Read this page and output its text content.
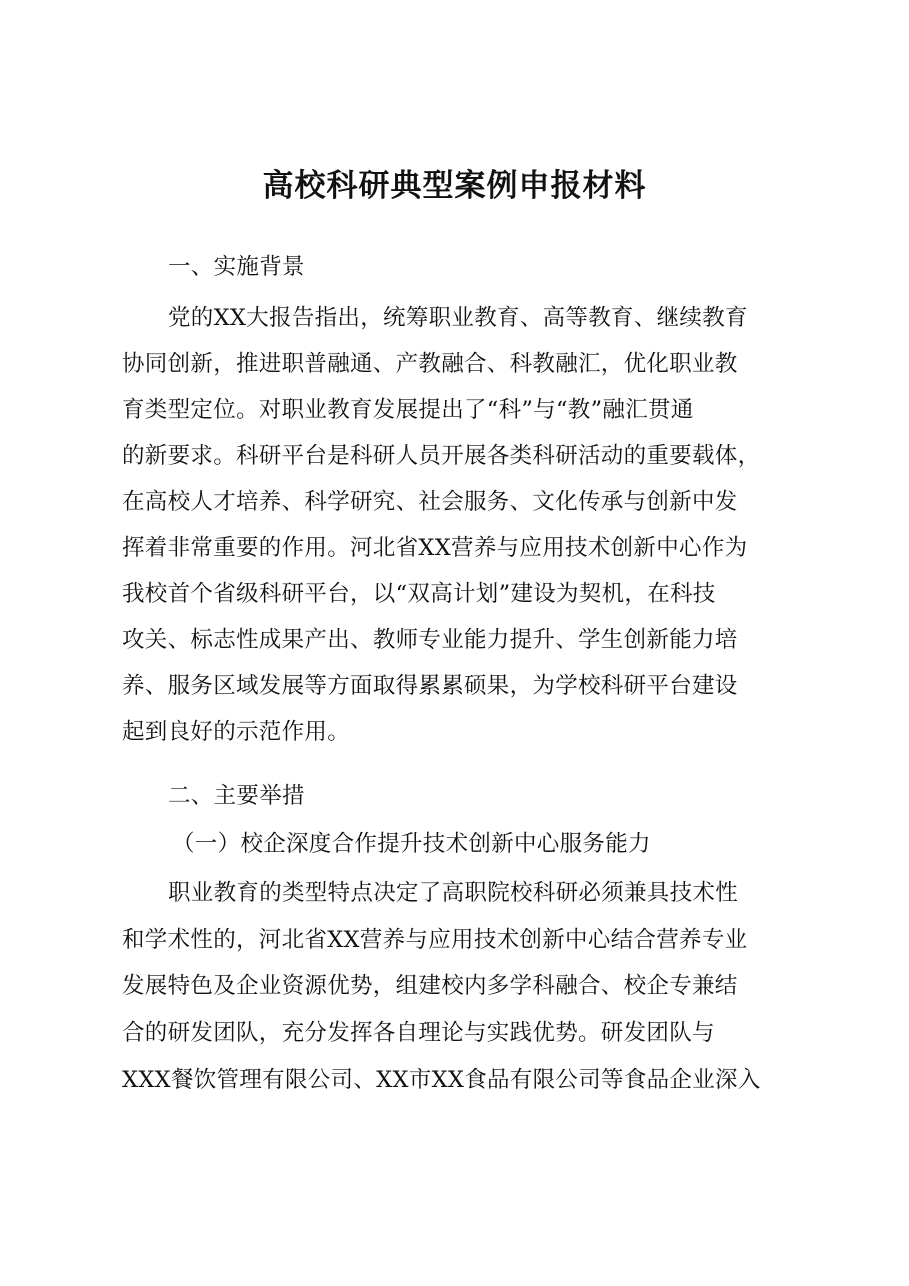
高校科研典型案例申报材料
一、实施背景
党的XX大报告指出，统筹职业教育、高等教育、继续教育
协同创新，推进职普融通、产教融合、科教融汇，优化职业教
育类型定位。对职业教育发展提出了“科”与“教”融汇贯通
的新要求。科研平台是科研人员开展各类科研活动的重要载体，
在高校人才培养、科学研究、社会服务、文化传承与创新中发
挥着非常重要的作用。河北省XX营养与应用技术创新中心作为
我校首个省级科研平台，以“双高计划”建设为契机，在科技
攻关、标志性成果产出、教师专业能力提升、学生创新能力培
养、服务区域发展等方面取得累累硕果，为学校科研平台建设
起到良好的示范作用。
二、主要举措
（一）校企深度合作提升技术创新中心服务能力
职业教育的类型特点决定了高职院校科研必须兼具技术性
和学术性的，河北省XX营养与应用技术创新中心结合营养专业
发展特色及企业资源优势，组建校内多学科融合、校企专兼结
合的研发团队，充分发挥各自理论与实践优势。研发团队与
XXX餐饮管理有限公司、XX市XX食品有限公司等食品企业深入
